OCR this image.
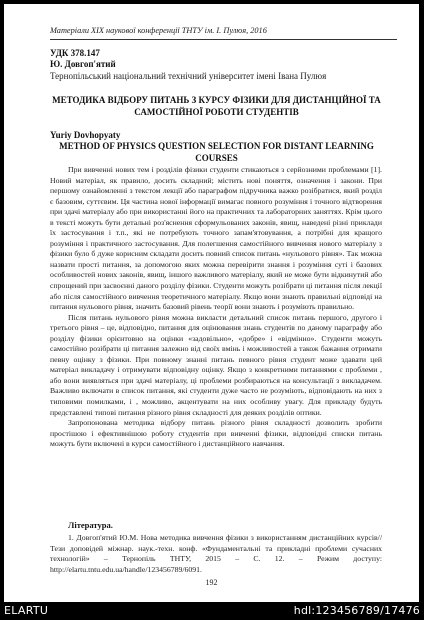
Матеріали XIX наукової конференції ТНТУ ім. І. Пулюя, 2016
УДК 378.147
Ю. Довгоп'ятий
Тернопільський національний технічний університет імені Івана Пулюя
МЕТОДИКА ВІДБОРУ ПИТАНЬ З КУРСУ ФІЗИКИ ДЛЯ ДИСТАНЦІЙНОЇ ТА САМОСТІЙНОЇ РОБОТИ СТУДЕНТІВ
Yuriy Dovhopyaty
METHOD OF PHYSICS QUESTION SELECTION FOR DISTANT LEARNING COURSES

При вивченні нових тем і розділів фізики студенти стикаються з серйозними проблемами [1]. Новий матеріал, як правило, досить складний; містить нові поняття, означення і закони. При першому ознайомленні з текстом лекції або параграфом підручника важко розібратися, який розділ є базовим, суттєвим. Ця частина нової інформації вимагає повного розуміння і точного відтворення при здачі матеріалу або при використанні його на практичних та лабораторних заняттях. Крім цього в тексті можуть бути детальні роз'яснення сформульованих законів, явищ, наведені різні приклади їх застосування і т.п., які не потребують точного запам'ятовування, а потрібні для кращого розуміння і практичного застосування. Для полегшення самостійного вивчення нового матеріалу з фізики було б дуже корисним складати досить повний список питань «нульового рівня». Так можна назвати прості питання, за допомогою яких можна перевірити знання і розуміння суті і базових особливостей нових законів, явищ, іншого важливого матеріалу, який не може бути відкинутий або спрощений при засвоєнні даного розділу фізики. Студенти можуть розібрати ці питання після лекції або після самостійного вивчення теоретичного матеріалу. Якщо вони знають правильні відповіді на питання нульового рівня, значить базовий рівень теорії вони знають і розуміють правильно.

Після питань нульового рівня можна викласти детальний список питань першого, другого і третього рівня – це, відповідно, питання для оцінювання знань студентів по даному параграфу або розділу фізики орієнтовно на оцінки «задовільно», «добре» і «відмінно». Студенти можуть самостійно розібрати ці питання залежно від своїх вмінь і можливостей а також бажання отримати певну оцінку з фізики. При повному знанні питань певного рівня студент може здавати цей матеріал викладачу і отримувати відповідну оцінку. Якщо з конкретними питаннями є проблеми , або вони виявляться при здачі матеріалу, ці проблеми розбираються на консультації з викладачем. Важливо включати в список питання, які студенти дуже часто не розуміють, відповідають на них з типовими помилками, і , можливо, акцентувати на них особливу увагу. Для прикладу будуть представлені типові питання різного рівня складності для деяких розділів оптики.

Запропонована методика відбору питань різного рівня складності дозволить зробити простішою і ефективнішою роботу студентів при вивченні фізики, відповідні списки питань можуть бути включені в курси самостійного і дистанційного навчання.

Література.

1. Довгоп'ятий Ю.М. Нова методика вивчення фізики з використанням дистанційних курсів//Тези доповідей міжнар. наук.-техн. конф. «Фундаментальні та прикладні проблеми сучасних технологій» – Тернопіль ТНТУ, 2015 – С. 12. – Режим доступу: http://elartu.tntu.edu.ua/handle/123456789/6091.

192
ELARTU	hdl:123456789/17476
